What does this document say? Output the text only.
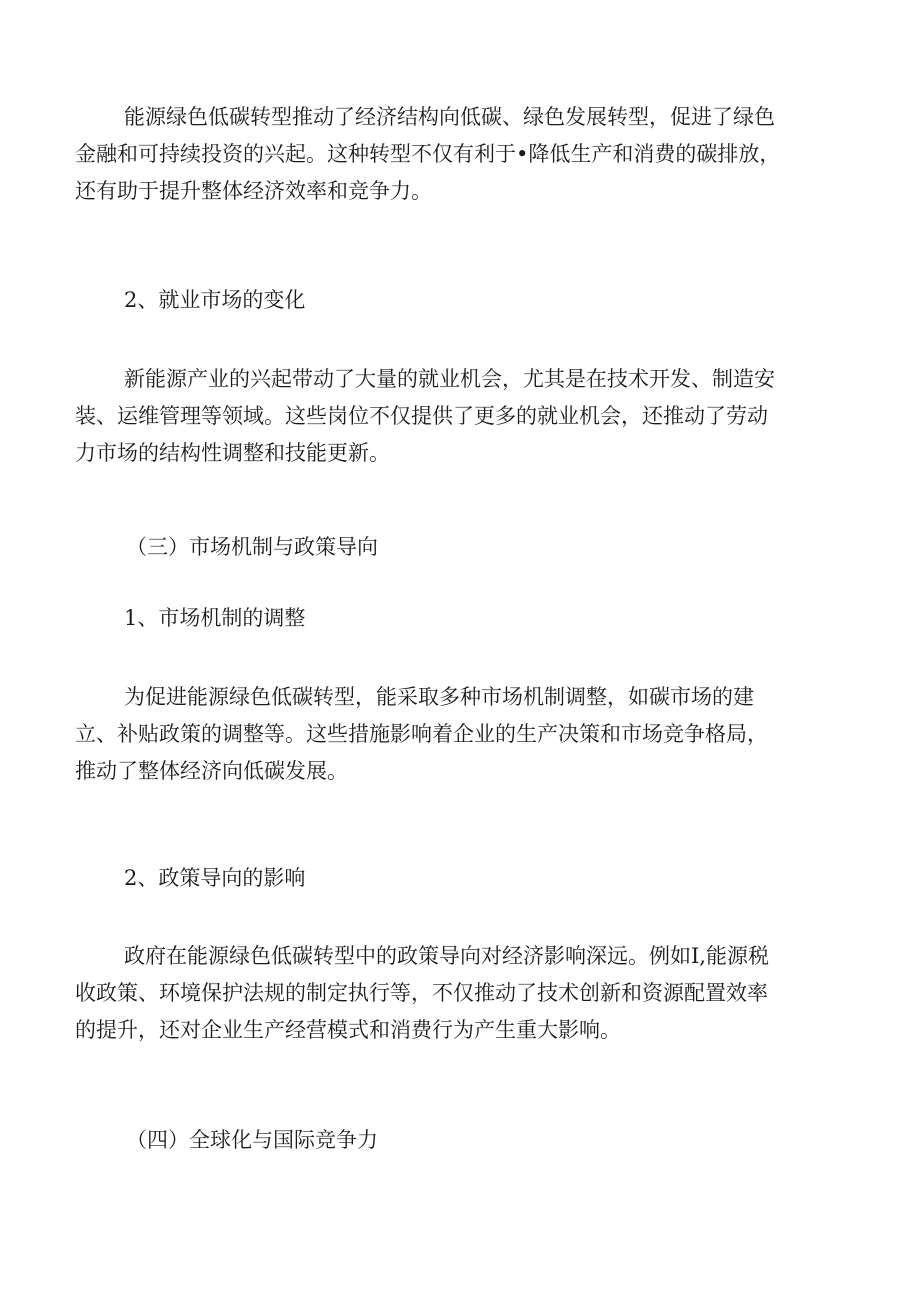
能源绿色低碳转型推动了经济结构向低碳、绿色发展转型，促进了绿色
金融和可持续投资的兴起。这种转型不仅有利于•降低生产和消费的碳排放，
还有助于提升整体经济效率和竞争力。

2、就业市场的变化

新能源产业的兴起带动了大量的就业机会，尤其是在技术开发、制造安
装、运维管理等领域。这些岗位不仅提供了更多的就业机会，还推动了劳动
力市场的结构性调整和技能更新。

（三）市场机制与政策导向

1、市场机制的调整

为促进能源绿色低碳转型，能采取多种市场机制调整，如碳市场的建
立、补贴政策的调整等。这些措施影响着企业的生产决策和市场竞争格局，
推动了整体经济向低碳发展。

2、政策导向的影响

政府在能源绿色低碳转型中的政策导向对经济影响深远。例如I,能源税
收政策、环境保护法规的制定执行等，不仅推动了技术创新和资源配置效率
的提升，还对企业生产经营模式和消费行为产生重大影响。

（四）全球化与国际竞争力
